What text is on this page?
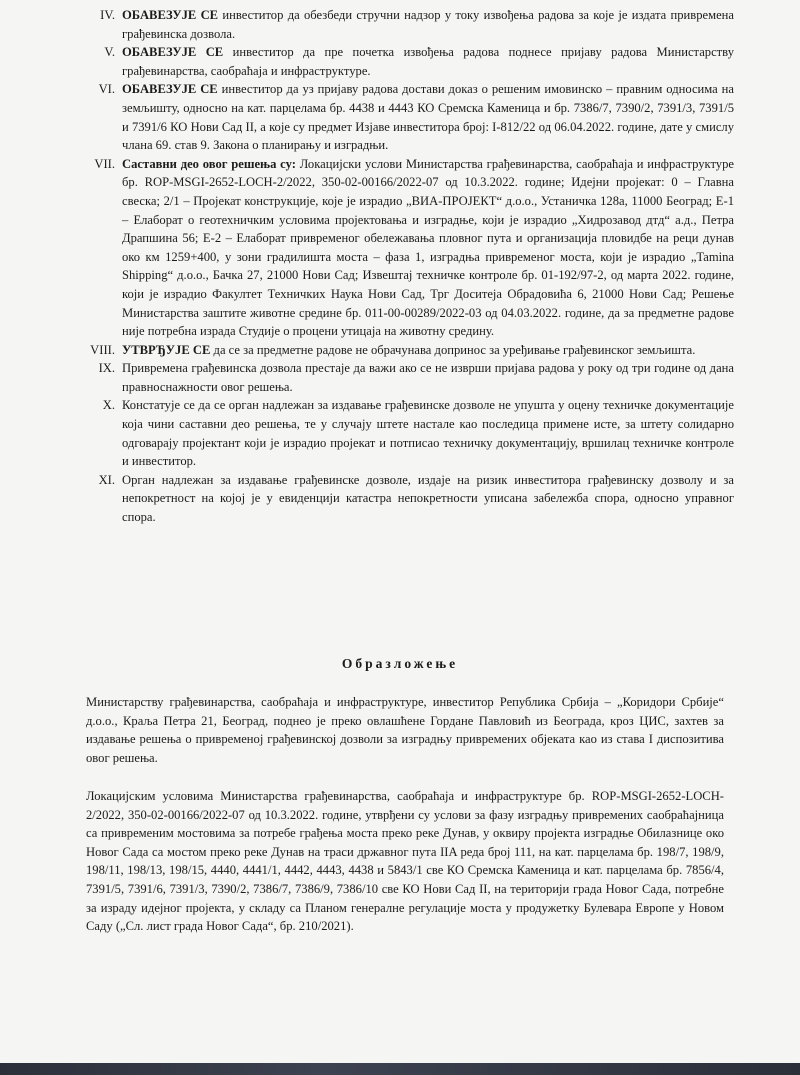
IV. ОБАВЕЗУЈЕ СЕ инвеститор да обезбеди стручни надзор у току извођења радова за које је издата привремена грађевинска дозвола.
V. ОБАВЕЗУЈЕ СЕ инвеститор да пре почетка извођења радова поднесе пријаву радова Министарству грађевинарства, саобраћаја и инфраструктуре.
VI. ОБАВЕЗУЈЕ СЕ инвеститор да уз пријаву радова достави доказ о решеним имовинско – правним односима на земљишту, односно на кат. парцелама бр. 4438 и 4443 КО Сремска Каменица и бр. 7386/7, 7390/2, 7391/3, 7391/5 и 7391/6 КО Нови Сад II, а које су предмет Изјаве инвеститора број: I-812/22 од 06.04.2022. године, дате у смислу члана 69. став 9. Закона о планирању и изградњи.
VII. Саставни део овог решења су: Локацијски услови Министарства грађевинарства, саобраћаја и инфраструктуре бр. ROP-MSGI-2652-LOCH-2/2022, 350-02-00166/2022-07 од 10.3.2022. године; Идејни пројекат: 0 – Главна свеска; 2/1 – Пројекат конструкције, које је израдио „ВИА-ПРОЈЕКТ“ д.о.о., Устаничка 128а, 11000 Београд; Е-1 – Елаборат о геотехничким условима пројектовања и изградње, који је израдио „Хидрозавод дтд“ а.д., Петра Драпшина 56; Е-2 – Елаборат привременог обележавања пловног пута и организација пловидбе на реци дунав око км 1259+400, у зони градилишта моста – фаза 1, изградња привременог моста, који је израдио „Tamina Shipping“ д.о.о., Бачка 27, 21000 Нови Сад; Извештај техничке контроле бр. 01-192/97-2, од марта 2022. године, који је израдио Факултет Техничких Наука Нови Сад, Трг Доситеја Обрадовића 6, 21000 Нови Сад; Решење Министарства заштите животне средине бр. 011-00-00289/2022-03 од 04.03.2022. године, да за предметне радове није потребна израда Студије о процени утицаја на животну средину.
VIII. УТВРЂУЈЕ СЕ да се за предметне радове не обрачунава допринос за уређивање грађевинског земљишта.
IX. Привремена грађевинска дозвола престаје да важи ако се не изврши пријава радова у року од три године од дана правноснажности овог решења.
X. Констатује се да се орган надлежан за издавање грађевинске дозволе не упушта у оцену техничке документације која чини саставни део решења, те у случају штете настале као последица примене исте, за штету солидарно одговарају пројектант који је израдио пројекат и потписао техничку документацију, вршилац техничке контроле и инвеститор.
XI. Орган надлежан за издавање грађевинске дозволе, издаје на ризик инвеститора грађевинску дозволу и за непокретност на којој је у евиденцији катастра непокретности уписана забележба спора, односно управног спора.
Образложење

Министарству грађевинарства, саобраћаја и инфраструктуре, инвеститор Република Србија – „Коридори Србије“ д.о.о., Краља Петра 21, Београд, поднео је преко овлашћене Гордане Павловић из Београда, кроз ЦИС, захтев за издавање решења о привременој грађевинској дозволи за изградњу привремених објеката као из става I диспозитива овог решења.

Локацијским условима Министарства грађевинарства, саобраћаја и инфраструктуре бр. ROP-MSGI-2652-LOCH-2/2022, 350-02-00166/2022-07 од 10.3.2022. године, утврђени су услови за фазу изградњу привремених саобраћајница са привременим мостовима за потребе грађења моста преко реке Дунав, у оквиру пројекта изградње Обилазнице око Новог Сада са мостом преко реке Дунав на траси државног пута IIA реда број 111, на кат. парцелама бр. 198/7, 198/9, 198/11, 198/13, 198/15, 4440, 4441/1, 4442, 4443, 4438 и 5843/1 све КО Сремска Каменица и кат. парцелама бр. 7856/4, 7391/5, 7391/6, 7391/3, 7390/2, 7386/7, 7386/9, 7386/10 све КО Нови Сад II, на територији града Новог Сада, потребне за израду идејног пројекта, у складу са Планом генералне регулације моста у продужетку Булевара Европе у Новом Саду („Сл. лист града Новог Сада“, бр. 210/2021).
